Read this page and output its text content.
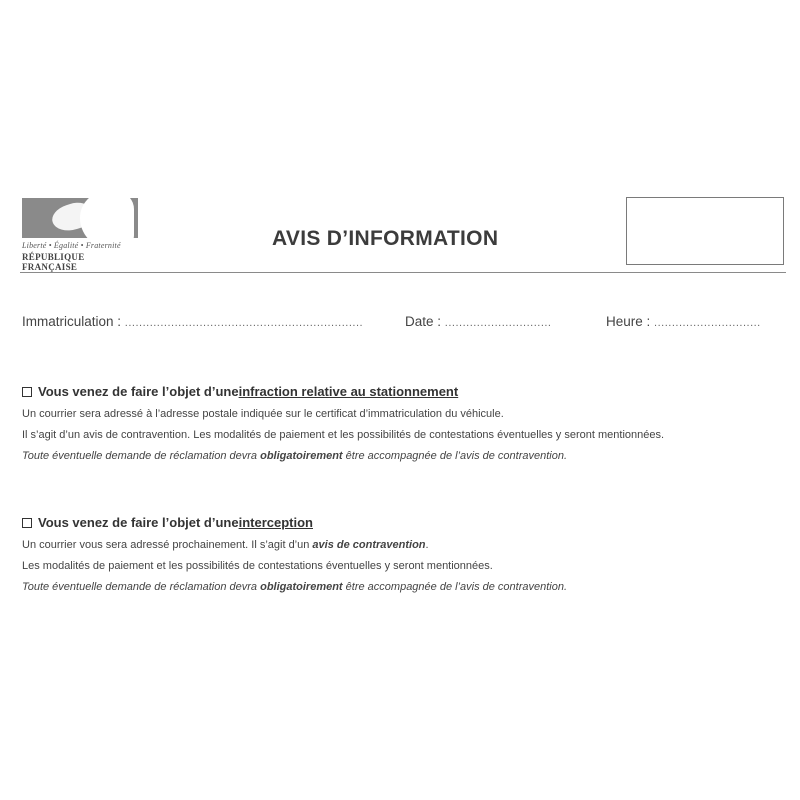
Liberté • Égalité • Fraternité
RÉPUBLIQUE FRANÇAISE
AVIS D’INFORMATION
Immatriculation : ...................................................................	Date : ..............................	Heure : ..............................
Vous venez de faire l’objet d’une infraction relative au stationnement
Un courrier sera adressé à l’adresse postale indiquée sur le certificat d’immatriculation du véhicule.
Il s’agit d’un avis de contravention. Les modalités de paiement et les possibilités de contestations éventuelles y seront mentionnées.
Toute éventuelle demande de réclamation devra obligatoirement être accompagnée de l’avis de contravention.
Vous venez de faire l’objet d’une interception
Un courrier vous sera adressé prochainement. Il s’agit d’un avis de contravention.
Les modalités de paiement et les possibilités de contestations éventuelles y seront mentionnées.
Toute éventuelle demande de réclamation devra obligatoirement être accompagnée de l’avis de contravention.
